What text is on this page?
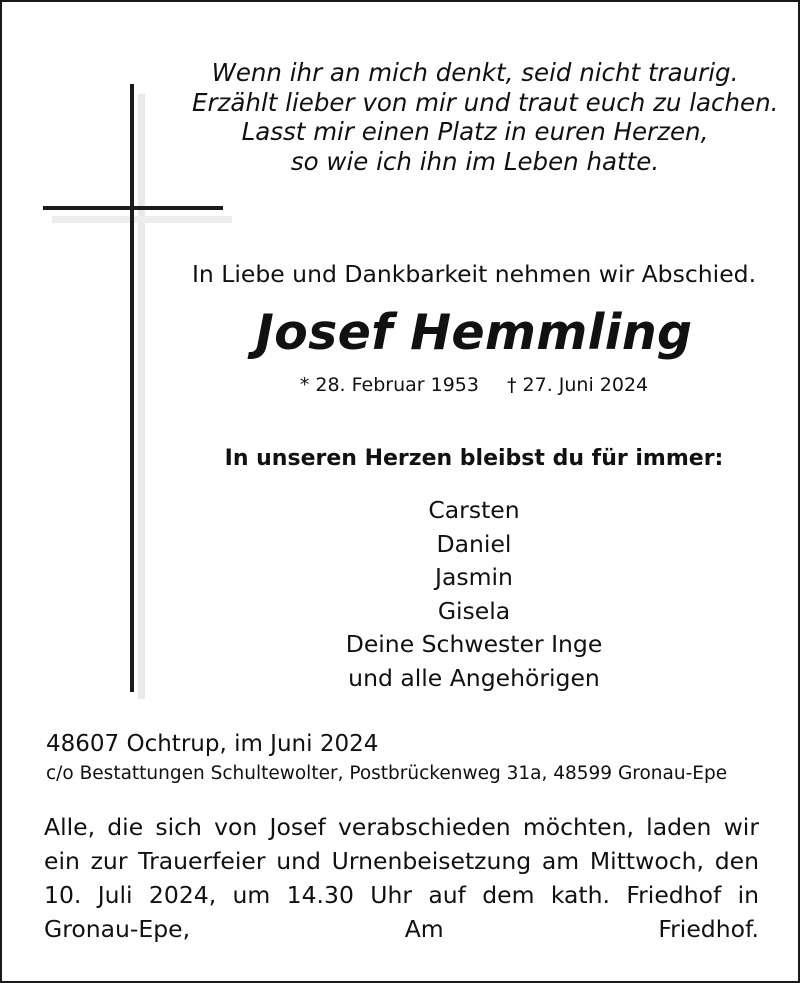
Wenn ihr an mich denkt, seid nicht traurig.
Erzählt lieber von mir und traut euch zu lachen.
Lasst mir einen Platz in euren Herzen,
so wie ich ihn im Leben hatte.
In Liebe und Dankbarkeit nehmen wir Abschied.
Josef Hemmling
* 28. Februar 1953 † 27. Juni 2024
In unseren Herzen bleibst du für immer:
Carsten
Daniel
Jasmin
Gisela
Deine Schwester Inge
und alle Angehörigen
48607 Ochtrup, im Juni 2024
c/o Bestattungen Schultewolter, Postbrückenweg 31a, 48599 Gronau-Epe
Alle, die sich von Josef verabschieden möchten, laden wir ein zur Trauerfeier und Urnenbeisetzung am Mittwoch, den 10. Juli 2024, um 14.30 Uhr auf dem kath. Friedhof in Gronau-Epe, Am Friedhof.
